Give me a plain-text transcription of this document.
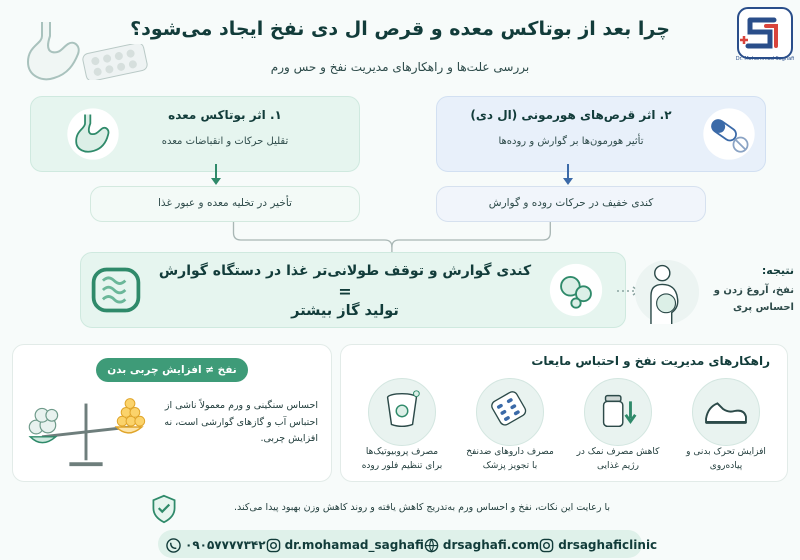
چرا بعد از بوتاکس معده و قرص ال دی نفخ ایجاد می‌شود؟
بررسی علت‌ها و راهکارهای مدیریت نفخ و حس ورم
Dr. Mohammad Saghafi
۱. اثر بوتاکس معده
تقلیل حرکات و انقباضات معده
تأخیر در تخلیه معده و عبور غذا
۲. اثر قرص‌های هورمونی (ال دی)
تأثیر هورمون‌ها بر گوارش و روده‌ها
کندی خفیف در حرکات روده و گوارش
کندی گوارش و توقف طولانی‌تر غذا در دستگاه گوارش
=
تولید گاز بیشتر
نتیجه:
نفخ، آروغ زدن و احساس پری
راهکارهای مدیریت نفخ و احتباس مایعات
افزایش تحرک بدنی و پیاده‌روی
کاهش مصرف نمک در رژیم غذایی
مصرف داروهای ضدنفخ با تجویز پزشک
مصرف پروبیوتیک‌ها برای تنظیم فلور روده
نفخ ≠ افزایش چربی بدن
احساس سنگینی و ورم معمولاً ناشی از احتباس آب و گازهای گوارشی است، نه افزایش چربی.
با رعایت این نکات، نفخ و احساس ورم به‌تدریج کاهش یافته و روند کاهش وزن بهبود پیدا می‌کند.
۰۹۰۵۷۷۷۷۳۴۲ dr.mohamad_saghafi drsaghafi.com drsaghaficlinic
